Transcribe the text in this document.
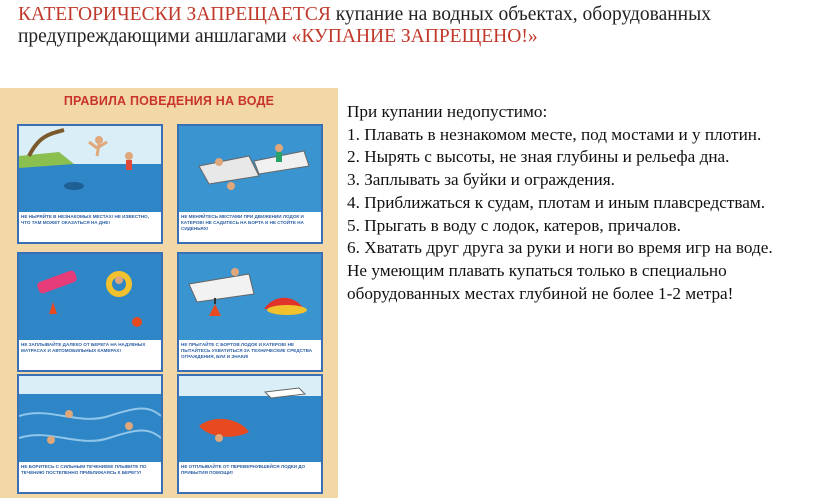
КАТЕГОРИЧЕСКИ ЗАПРЕЩАЕТСЯ купание на водных объектах, оборудованных предупреждающими аншлагами «КУПАНИЕ ЗАПРЕЩЕНО!»
ПРАВИЛА ПОВЕДЕНИЯ НА ВОДЕ
НЕ НЫРЯЙТЕ В НЕЗНАКОМЫХ МЕСТАХ! НЕ ИЗВЕСТНО, ЧТО ТАМ МОЖЕТ ОКАЗАТЬСЯ НА ДНЕ!
НЕ МЕНЯЙТЕСЬ МЕСТАМИ ПРИ ДВИЖЕНИИ ЛОДОК И КАТЕРОВ! НЕ САДИТЕСЬ НА БОРТА И НЕ СТОЙТЕ НА СИДЕНЬЯХ!
НЕ ЗАПЛЫВАЙТЕ ДАЛЕКО ОТ БЕРЕГА НА НАДУВНЫХ МАТРАСАХ И АВТОМОБИЛЬНЫХ КАМЕРАХ!
НЕ ПРЫГАЙТЕ С БОРТОВ ЛОДОК И КАТЕРОВ! НЕ ПЫТАЙТЕСЬ УХВАТИТЬСЯ ЗА ТЕХНИЧЕСКИЕ СРЕДСТВА ОГРАЖДЕНИЯ, БУИ И ЗНАКИ!
НЕ БОРИТЕСЬ С СИЛЬНЫМ ТЕЧЕНИЕМ! ПЛЫВИТЕ ПО ТЕЧЕНИЮ ПОСТЕПЕННО ПРИБЛИЖАЯСЬ К БЕРЕГУ!
НЕ ОТПЛЫВАЙТЕ ОТ ПЕРЕВЕРНУВШЕЙСЯ ЛОДКИ ДО ПРИБЫТИЯ ПОМОЩИ!
При купании недопустимо:
1. Плавать в незнакомом месте, под мостами и у плотин.
2. Нырять с высоты, не зная глубины и рельефа дна.
3. Заплывать за буйки и ограждения.
4. Приближаться к судам, плотам и иным плавсредствам.
5. Прыгать в воду с лодок, катеров, причалов.
6. Хватать друг друга за руки и ноги во время игр на воде.
Не умеющим плавать купаться только в специально оборудованных местах глубиной не более 1-2 метра!
